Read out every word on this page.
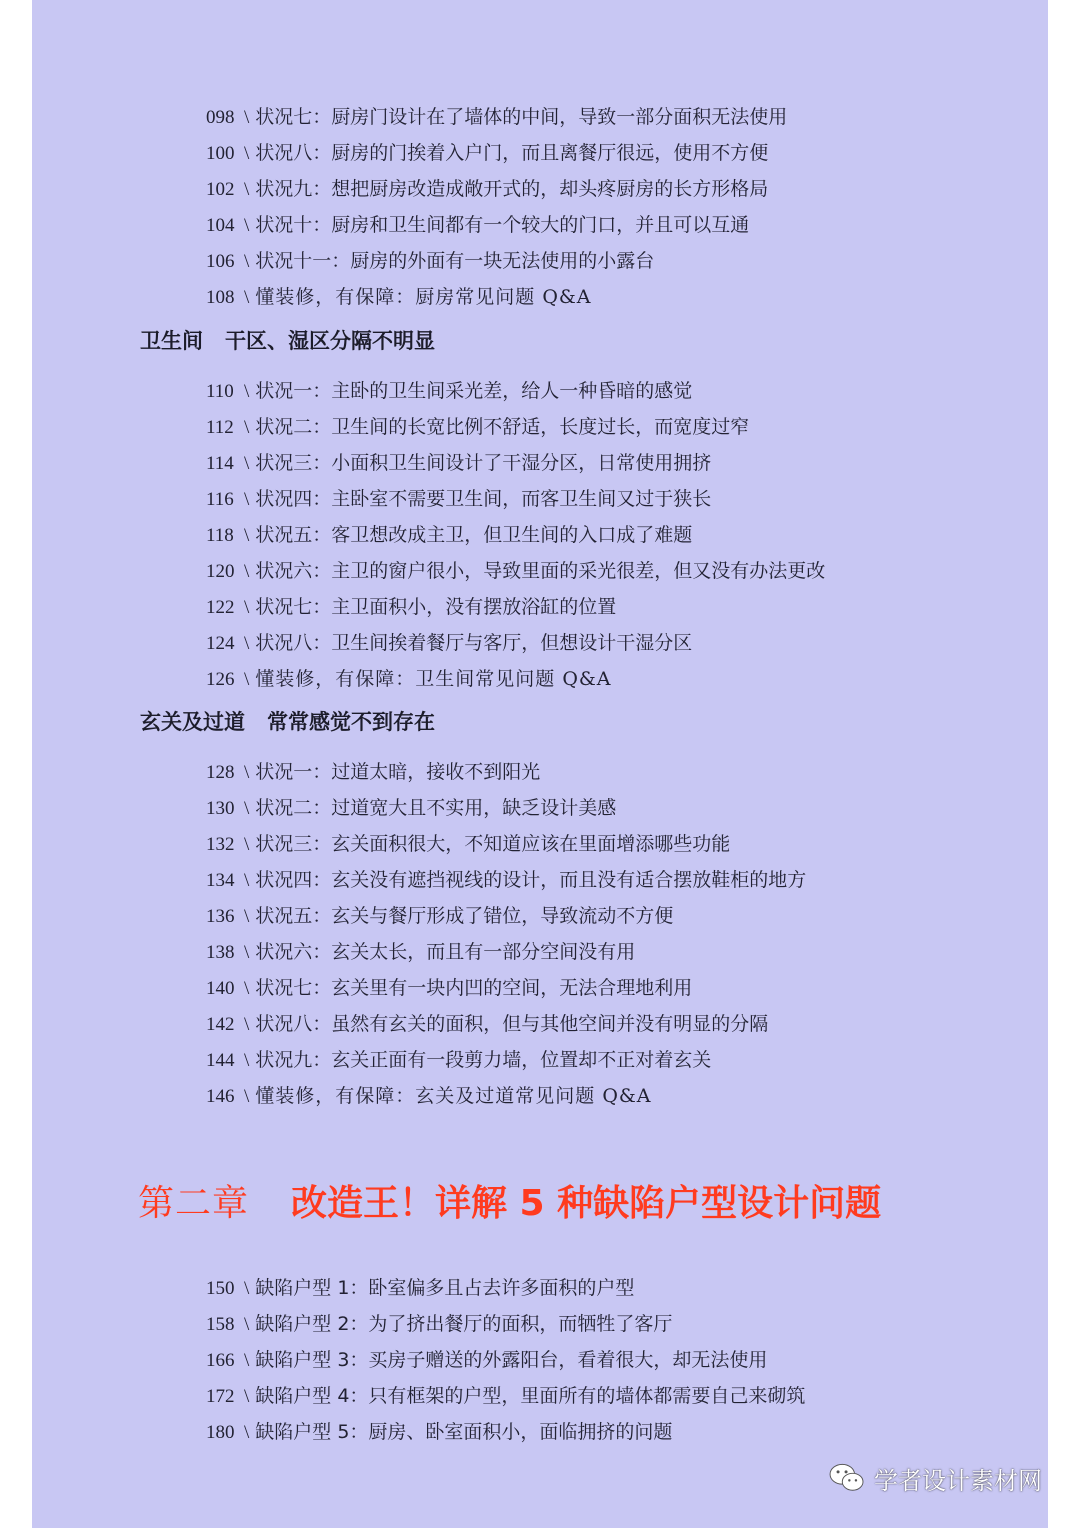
098 \ 状况七：厨房门设计在了墙体的中间，导致一部分面积无法使用
100 \ 状况八：厨房的门挨着入户门，而且离餐厅很远，使用不方便
102 \ 状况九：想把厨房改造成敞开式的，却头疼厨房的长方形格局
104 \ 状况十：厨房和卫生间都有一个较大的门口，并且可以互通
106 \ 状况十一：厨房的外面有一块无法使用的小露台
108 \ 懂装修，有保障：厨房常见问题 Q&A
卫生间 干区、湿区分隔不明显
110 \ 状况一：主卧的卫生间采光差，给人一种昏暗的感觉
112 \ 状况二：卫生间的长宽比例不舒适，长度过长，而宽度过窄
114 \ 状况三：小面积卫生间设计了干湿分区，日常使用拥挤
116 \ 状况四：主卧室不需要卫生间，而客卫生间又过于狭长
118 \ 状况五：客卫想改成主卫，但卫生间的入口成了难题
120 \ 状况六：主卫的窗户很小，导致里面的采光很差，但又没有办法更改
122 \ 状况七：主卫面积小，没有摆放浴缸的位置
124 \ 状况八：卫生间挨着餐厅与客厅，但想设计干湿分区
126 \ 懂装修，有保障：卫生间常见问题 Q&A
玄关及过道 常常感觉不到存在
128 \ 状况一：过道太暗，接收不到阳光
130 \ 状况二：过道宽大且不实用，缺乏设计美感
132 \ 状况三：玄关面积很大，不知道应该在里面增添哪些功能
134 \ 状况四：玄关没有遮挡视线的设计，而且没有适合摆放鞋柜的地方
136 \ 状况五：玄关与餐厅形成了错位，导致流动不方便
138 \ 状况六：玄关太长，而且有一部分空间没有用
140 \ 状况七：玄关里有一块内凹的空间，无法合理地利用
142 \ 状况八：虽然有玄关的面积，但与其他空间并没有明显的分隔
144 \ 状况九：玄关正面有一段剪力墙，位置却不正对着玄关
146 \ 懂装修，有保障：玄关及过道常见问题 Q&A
第二章 改造王！详解 5 种缺陷户型设计问题
150 \ 缺陷户型 1：卧室偏多且占去许多面积的户型
158 \ 缺陷户型 2：为了挤出餐厅的面积，而牺牲了客厅
166 \ 缺陷户型 3：买房子赠送的外露阳台，看着很大，却无法使用
172 \ 缺陷户型 4：只有框架的户型，里面所有的墙体都需要自己来砌筑
180 \ 缺陷户型 5：厨房、卧室面积小，面临拥挤的问题
学者设计素材网
